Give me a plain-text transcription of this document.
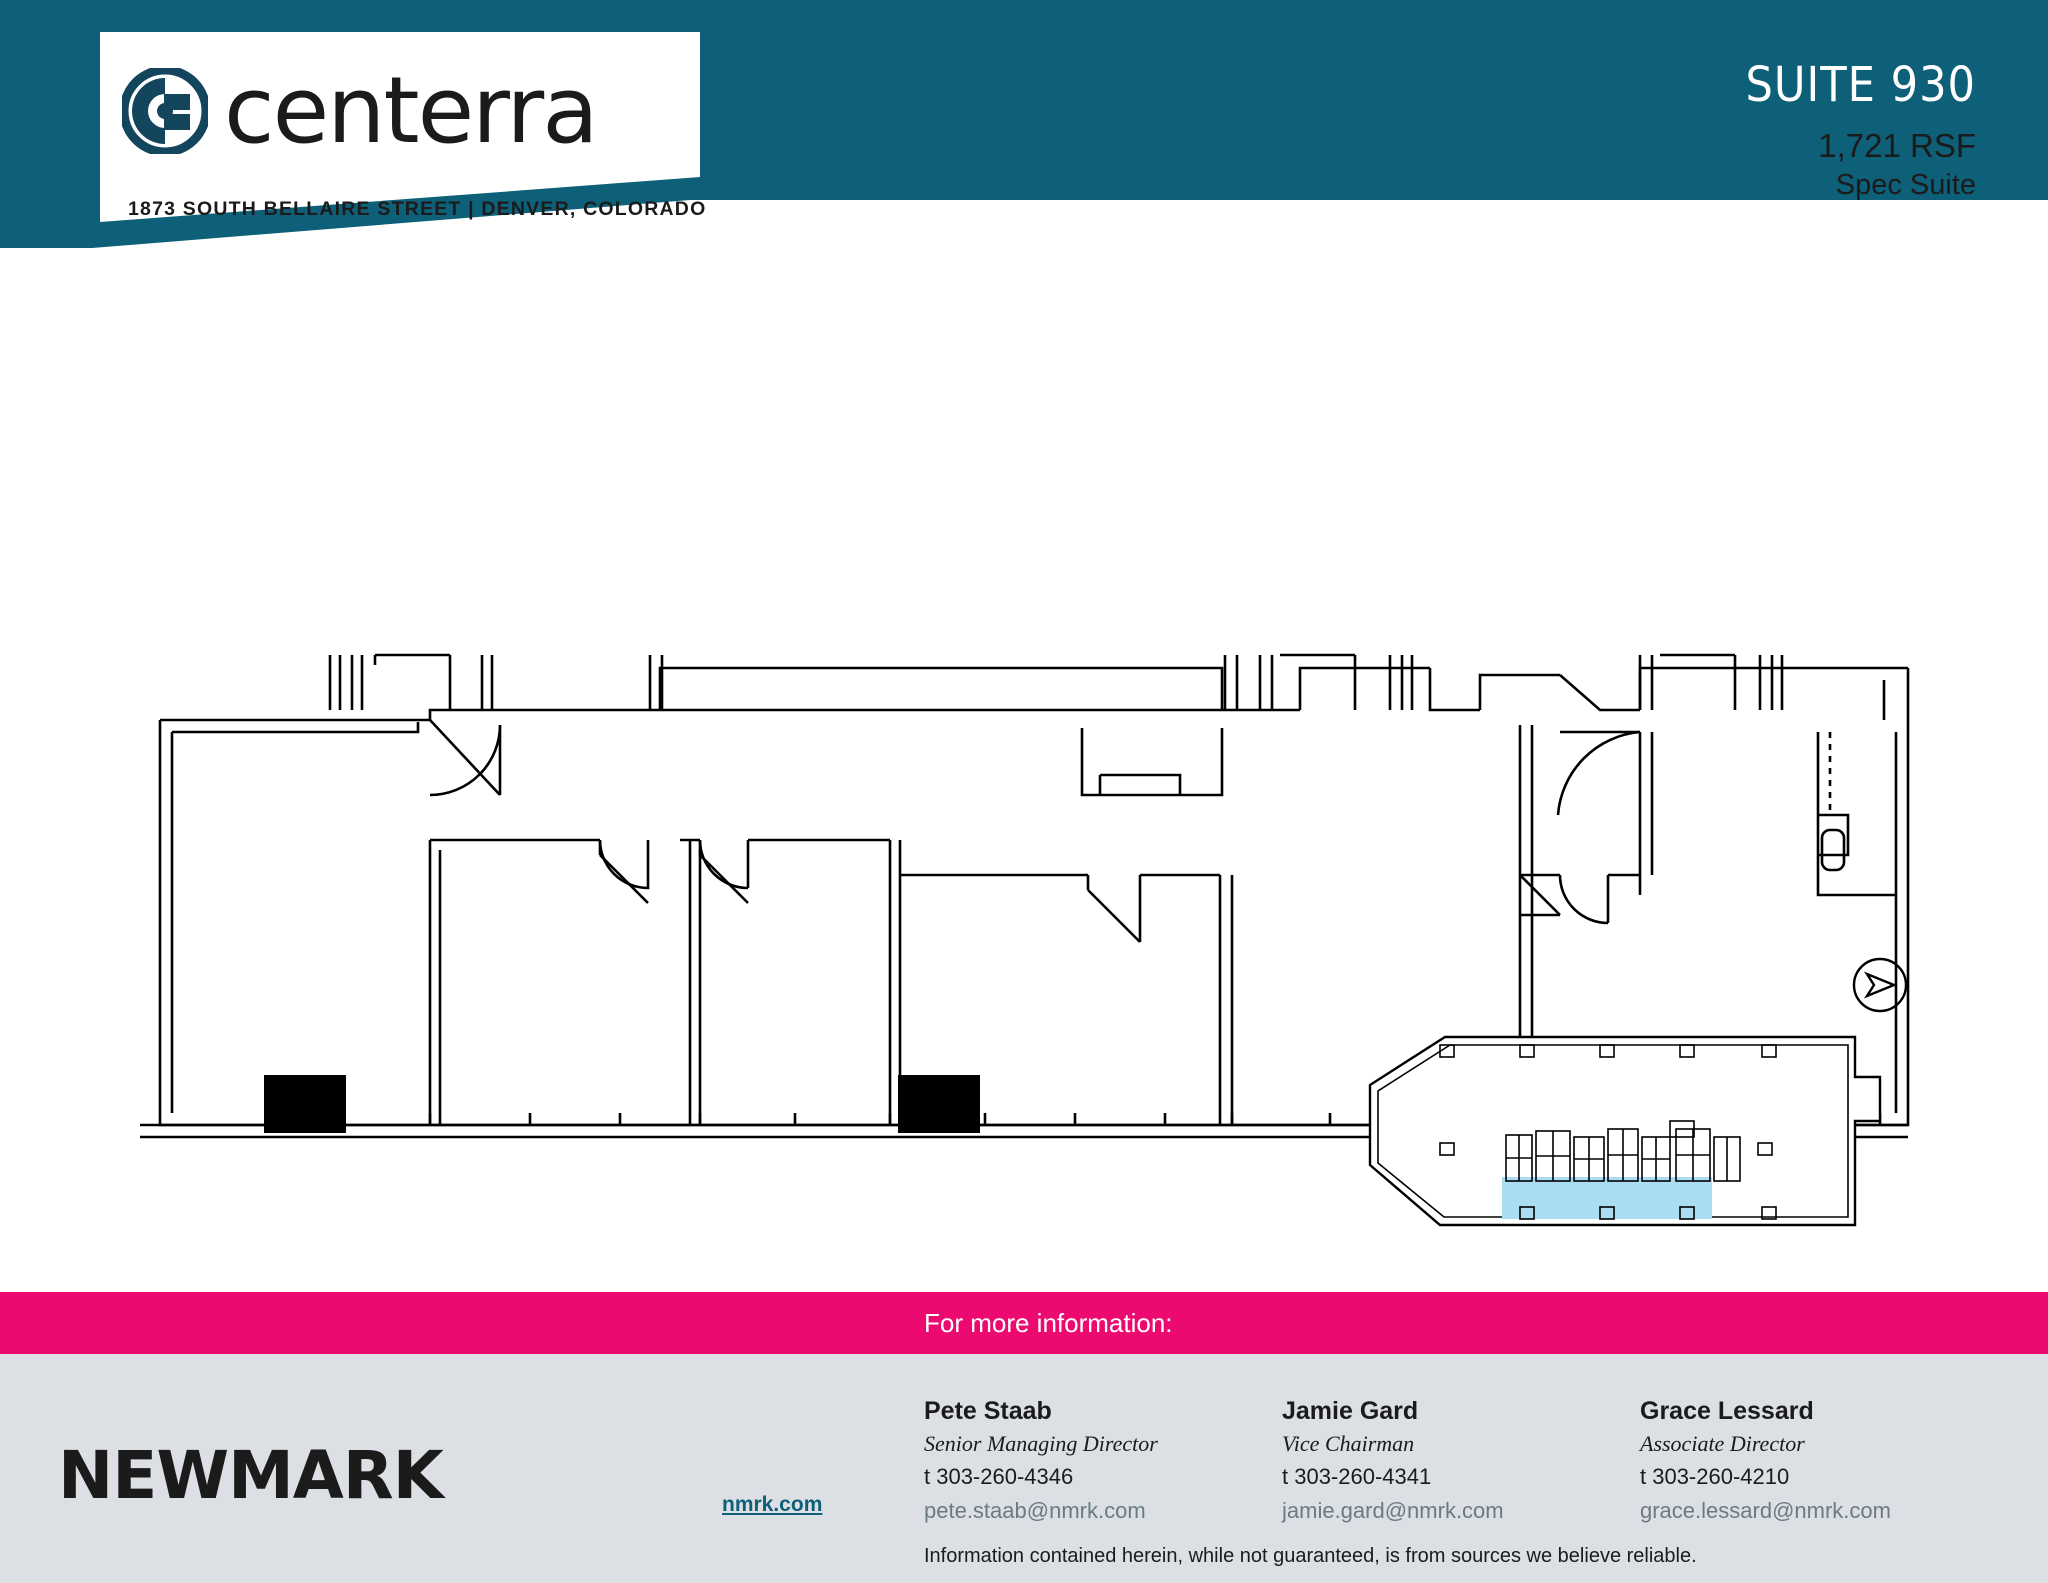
centerra
1873 SOUTH BELLAIRE STREET | DENVER, COLORADO
SUITE 930
1,721 RSF
Spec Suite
For more information:
NEWMARK	nmrk.com
Pete Staab
Senior Managing Director
t 303-260-4346
pete.staab@nmrk.com
Jamie Gard
Vice Chairman
t 303-260-4341
jamie.gard@nmrk.com
Grace Lessard
Associate Director
t 303-260-4210
grace.lessard@nmrk.com
Information contained herein, while not guaranteed, is from sources we believe reliable.
